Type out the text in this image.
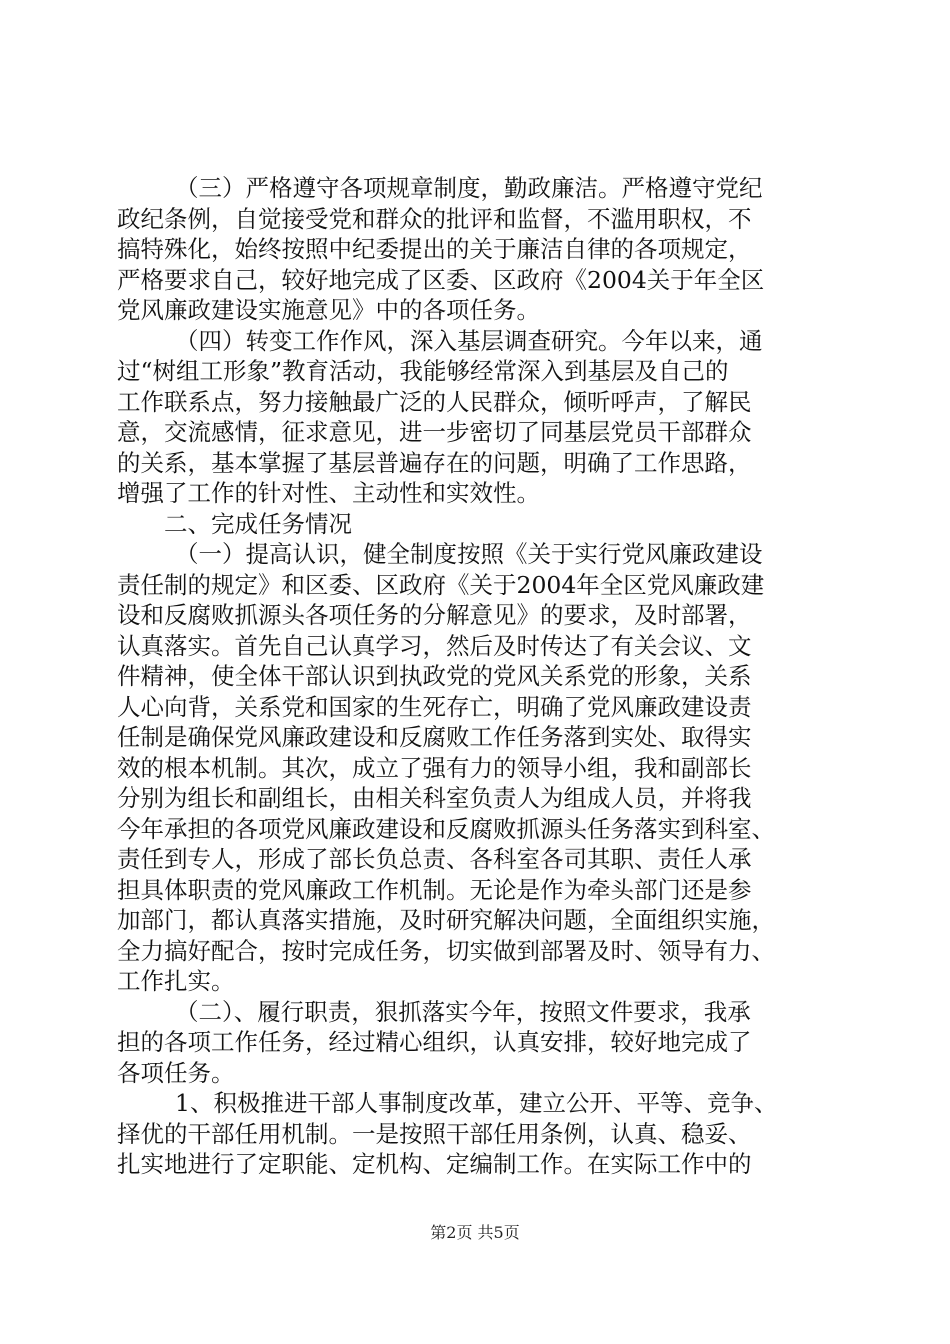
（三）严格遵守各项规章制度，勤政廉洁。严格遵守党纪
政纪条例，自觉接受党和群众的批评和监督，不滥用职权，不
搞特殊化，始终按照中纪委提出的关于廉洁自律的各项规定，
严格要求自己，较好地完成了区委、区政府《2004关于年全区
党风廉政建设实施意见》中的各项任务。
（四）转变工作作风，深入基层调查研究。今年以来，通
过“树组工形象”教育活动，我能够经常深入到基层及自己的
工作联系点，努力接触最广泛的人民群众，倾听呼声，了解民
意，交流感情，征求意见，进一步密切了同基层党员干部群众
的关系，基本掌握了基层普遍存在的问题，明确了工作思路，
增强了工作的针对性、主动性和实效性。
二、完成任务情况
（一）提高认识，健全制度按照《关于实行党风廉政建设
责任制的规定》和区委、区政府《关于2004年全区党风廉政建
设和反腐败抓源头各项任务的分解意见》的要求，及时部署，
认真落实。首先自己认真学习，然后及时传达了有关会议、文
件精神，使全体干部认识到执政党的党风关系党的形象，关系
人心向背，关系党和国家的生死存亡，明确了党风廉政建设责
任制是确保党风廉政建设和反腐败工作任务落到实处、取得实
效的根本机制。其次，成立了强有力的领导小组，我和副部长
分别为组长和副组长，由相关科室负责人为组成人员，并将我
今年承担的各项党风廉政建设和反腐败抓源头任务落实到科室、
责任到专人，形成了部长负总责、各科室各司其职、责任人承
担具体职责的党风廉政工作机制。无论是作为牵头部门还是参
加部门，都认真落实措施，及时研究解决问题，全面组织实施，
全力搞好配合，按时完成任务，切实做到部署及时、领导有力、
工作扎实。
（二）、履行职责，狠抓落实今年，按照文件要求，我承
担的各项工作任务，经过精心组织，认真安排，较好地完成了
各项任务。
1、积极推进干部人事制度改革，建立公开、平等、竞争、
择优的干部任用机制。一是按照干部任用条例，认真、稳妥、
扎实地进行了定职能、定机构、定编制工作。在实际工作中的
第2页 共5页
